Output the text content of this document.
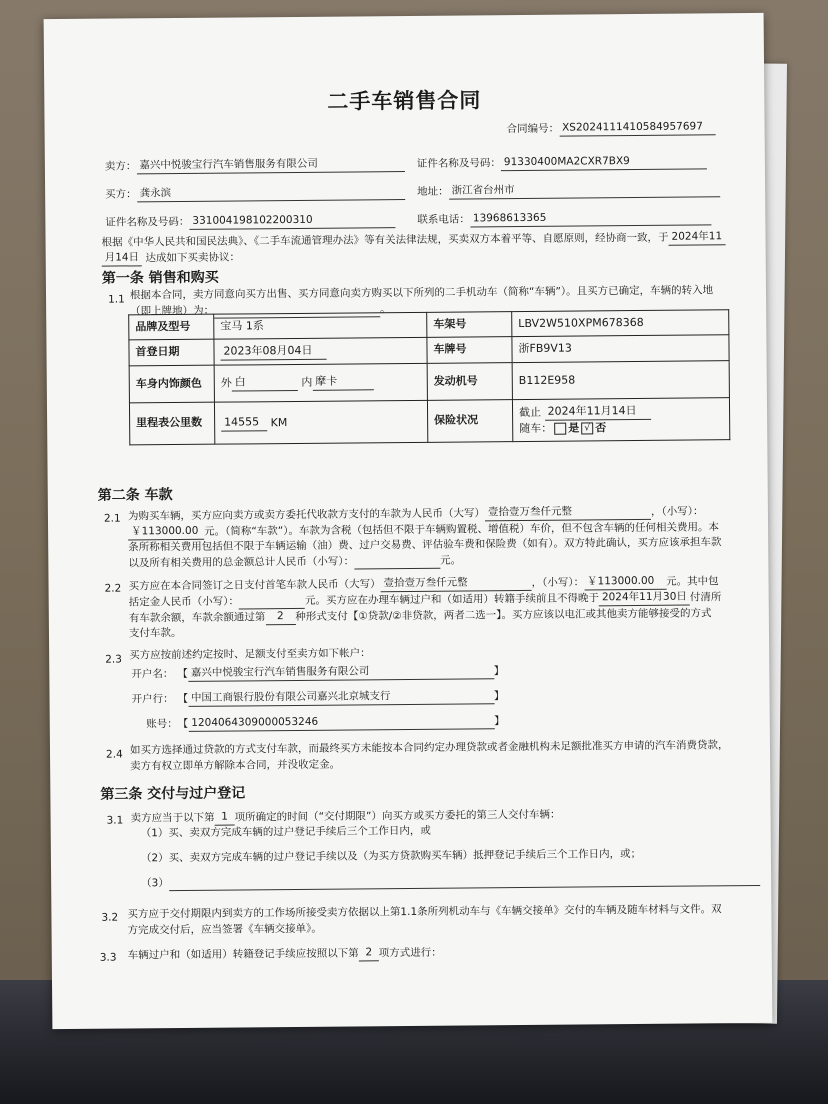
二手车销售合同
合同编号： XS2024111410584957697
卖方： 嘉兴中悦骏宝行汽车销售服务有限公司	证件名称及号码： 91330400MA2CXR7BX9
买方： 龚永滨	地址： 浙江省台州市
证件名称及号码： 331004198102200310	联系电话： 13968613365
根据《中华人民共和国民法典》、《二手车流通管理办法》等有关法律法规，买卖双方本着平等、自愿原则，经协商一致，于 2024年11
月14日 达成如下买卖协议：
第一条 销售和购买
1.1 根据本合同，卖方同意向买方出售、买方同意向卖方购买以下所列的二手机动车（简称“车辆”）。且买方已确定，车辆的转入地
（即上牌地）为：	。
品牌及型号	宝马 1系	车架号	LBV2W510XPM678368
首登日期	2023年08月04日	车牌号	浙FB9V13
车身内饰颜色	外 白 内 摩卡	发动机号	B112E958
里程表公里数	14555 KM	保险状况	截止 2024年11月14日
随车： 是 √ 否
第二条 车款
2.1 为购买车辆，买方应向卖方或卖方委托代收款方支付的车款为人民币（大写） 壹拾壹万叁仟元整	，（小写）：
￥113000.00 元。（简称“车款”）。车款为含税（包括但不限于车辆购置税、增值税）车价，但不包含车辆的任何相关费用。本
条所称相关费用包括但不限于车辆运输（油）费、过户交易费、评估验车费和保险费（如有）。双方特此确认，买方应该承担车款
以及所有相关费用的总金额总计人民币（小写）：	元。
2.2 买方应在本合同签订之日支付首笔车款人民币（大写） 壹拾壹万叁仟元整	，（小写）： ￥113000.00 元。其中包
括定金人民币（小写）：	元。买方应在办理车辆过户和（如适用）转籍手续前且不得晚于 2024年11月30日 付清所
有车款余额，车款余额通过第 2 种形式支付【①贷款/②非贷款，两者二选一】。买方应该以电汇或其他卖方能够接受的方式
支付车款。
2.3 买方应按前述约定按时、足额支付至卖方如下帐户：
开户名： 【 嘉兴中悦骏宝行汽车销售服务有限公司	】
开户行： 【 中国工商银行股份有限公司嘉兴北京城支行	】
账号：【 1204064309000053246	】
2.4 如买方选择通过贷款的方式支付车款，而最终买方未能按本合同约定办理贷款或者金融机构未足额批准买方申请的汽车消费贷款，
卖方有权立即单方解除本合同，并没收定金。
第三条 交付与过户登记
3.1 卖方应当于以下第 1 项所确定的时间（“交付期限”）向买方或买方委托的第三人交付车辆：
（1）买、卖双方完成车辆的过户登记手续后三个工作日内，或
（2）买、卖双方完成车辆的过户登记手续以及（为买方贷款购买车辆）抵押登记手续后三个工作日内，或；
（3）
3.2 买方应于交付期限内到卖方的工作场所接受卖方依据以上第1.1条所列机动车与《车辆交接单》交付的车辆及随车材料与文件。双
方完成交付后，应当签署《车辆交接单》。
3.3 车辆过户和（如适用）转籍登记手续应按照以下第 2 项方式进行：
